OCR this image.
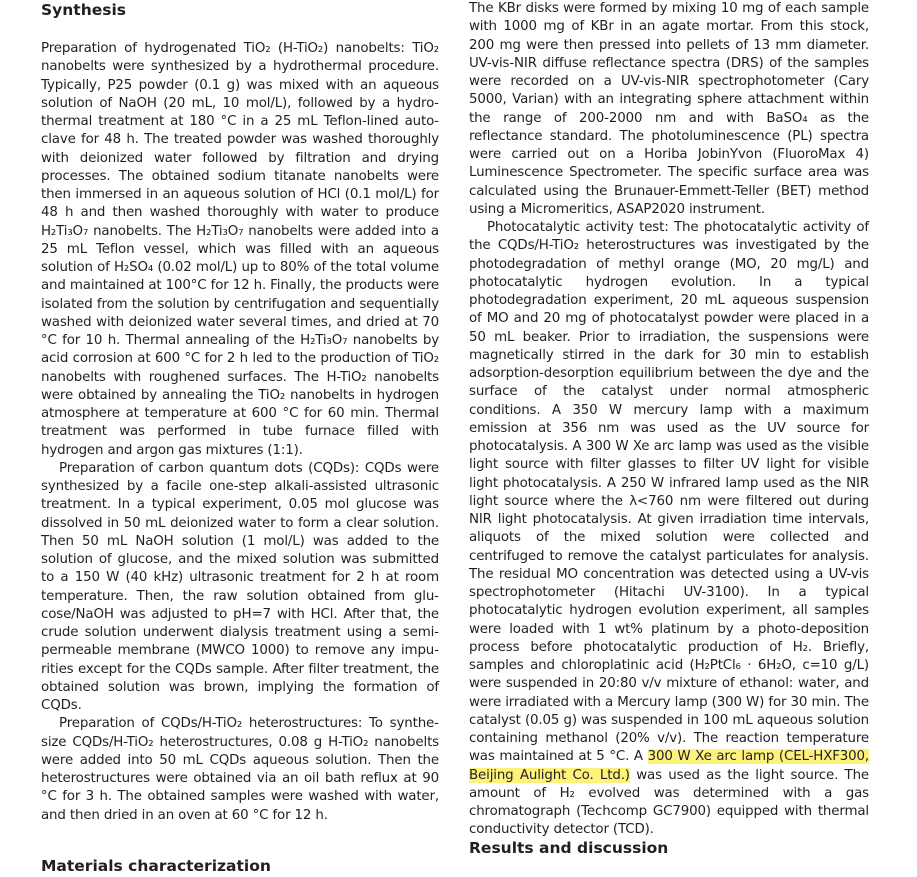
Synthesis

Preparation of hydrogenated TiO₂ (H-TiO₂) nanobelts: TiO₂ nanobelts were synthesized by a hydrothermal procedure. Typically, P25 powder (0.1 g) was mixed with an aqueous solution of NaOH (20 mL, 10 mol/L), followed by a hydrothermal treatment at 180 °C in a 25 mL Teflon-lined autoclave for 48 h. The treated powder was washed thoroughly with deionized water followed by filtration and drying processes. The obtained sodium titanate nanobelts were then immersed in an aqueous solution of HCl (0.1 mol/L) for 48 h and then washed thoroughly with water to produce H₂Ti₃O₇ nanobelts. The H₂Ti₃O₇ nanobelts were added into a 25 mL Teflon vessel, which was filled with an aqueous solution of H₂SO₄ (0.02 mol/L) up to 80% of the total volume and maintained at 100°C for 12 h. Finally, the products were isolated from the solution by centrifugation and sequentially washed with deionized water several times, and dried at 70 °C for 10 h. Thermal annealing of the H₂Ti₃O₇ nanobelts by acid corrosion at 600 °C for 2 h led to the production of TiO₂ nanobelts with roughened surfaces. The H-TiO₂ nanobelts were obtained by annealing the TiO₂ nanobelts in hydrogen atmosphere at temperature at 600 °C for 60 min. Thermal treatment was performed in tube furnace filled with hydrogen and argon gas mixtures (1:1).

Preparation of carbon quantum dots (CQDs): CQDs were synthesized by a facile one-step alkali-assisted ultrasonic treatment. In a typical experiment, 0.05 mol glucose was dissolved in 50 mL deionized water to form a clear solution. Then 50 mL NaOH solution (1 mol/L) was added to the solution of glucose, and the mixed solution was submitted to a 150 W (40 kHz) ultrasonic treatment for 2 h at room temperature. Then, the raw solution obtained from glucose/NaOH was adjusted to pH=7 with HCl. After that, the crude solution underwent dialysis treatment using a semipermeable membrane (MWCO 1000) to remove any impurities except for the CQDs sample. After filter treatment, the obtained solution was brown, implying the formation of CQDs.

Preparation of CQDs/H-TiO₂ heterostructures: To synthesize CQDs/H-TiO₂ heterostructures, 0.08 g H-TiO₂ nanobelts were added into 50 mL CQDs aqueous solution. Then the heterostructures were obtained via an oil bath reflux at 90 °C for 3 h. The obtained samples were washed with water, and then dried in an oven at 60 °C for 12 h.

Materials characterization

The KBr disks were formed by mixing 10 mg of each sample with 1000 mg of KBr in an agate mortar. From this stock, 200 mg were then pressed into pellets of 13 mm diameter. UV-vis-NIR diffuse reflectance spectra (DRS) of the samples were recorded on a UV-vis-NIR spectrophotometer (Cary 5000, Varian) with an integrating sphere attachment within the range of 200-2000 nm and with BaSO₄ as the reflectance standard. The photoluminescence (PL) spectra were carried out on a Horiba JobinYvon (FluoroMax 4) Luminescence Spectrometer. The specific surface area was calculated using the Brunauer-Emmett-Teller (BET) method using a Micromeritics, ASAP2020 instrument.

Photocatalytic activity test: The photocatalytic activity of the CQDs/H-TiO₂ heterostructures was investigated by the photodegradation of methyl orange (MO, 20 mg/L) and photocatalytic hydrogen evolution. In a typical photodegradation experiment, 20 mL aqueous suspension of MO and 20 mg of photocatalyst powder were placed in a 50 mL beaker. Prior to irradiation, the suspensions were magnetically stirred in the dark for 30 min to establish adsorption-desorption equilibrium between the dye and the surface of the catalyst under normal atmospheric conditions. A 350 W mercury lamp with a maximum emission at 356 nm was used as the UV source for photocatalysis. A 300 W Xe arc lamp was used as the visible light source with filter glasses to filter UV light for visible light photocatalysis. A 250 W infrared lamp used as the NIR light source where the λ<760 nm were filtered out during NIR light photocatalysis. At given irradiation time intervals, aliquots of the mixed solution were collected and centrifuged to remove the catalyst particulates for analysis. The residual MO concentration was detected using a UV-vis spectrophotometer (Hitachi UV-3100). In a typical photocatalytic hydrogen evolution experiment, all samples were loaded with 1 wt% platinum by a photo-deposition process before photocatalytic production of H₂. Briefly, samples and chloroplatinic acid (H₂PtCl₆ · 6H₂O, c=10 g/L) were suspended in 20:80 v/v mixture of ethanol: water, and were irradiated with a Mercury lamp (300 W) for 30 min. The catalyst (0.05 g) was suspended in 100 mL aqueous solution containing methanol (20% v/v). The reaction temperature was maintained at 5 °C. A 300 W Xe arc lamp (CEL-HXF300, Beijing Aulight Co. Ltd.) was used as the light source. The amount of H₂ evolved was determined with a gas chromatograph (Techcomp GC7900) equipped with thermal conductivity detector (TCD).

Results and discussion
